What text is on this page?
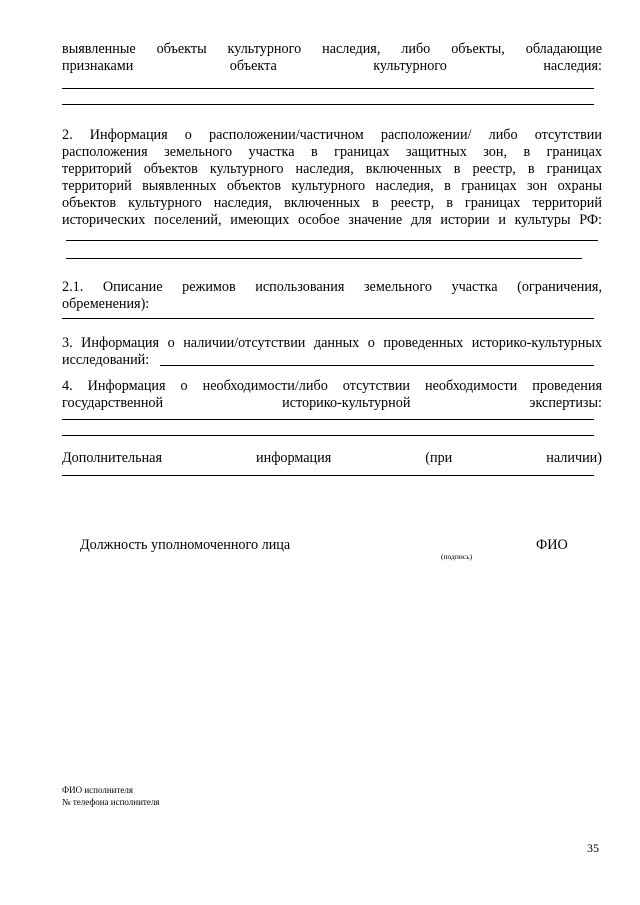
выявленные объекты культурного наследия, либо объекты, обладающие
признаками объекта культурного наследия:
2. Информация о расположении/частичном расположении/ либо отсутствии
расположения земельного участка в границах защитных зон, в границах
территорий объектов культурного наследия, включенных в реестр, в границах
территорий выявленных объектов культурного наследия, в границах зон охраны
объектов культурного наследия, включенных в реестр, в границах территорий
исторических поселений, имеющих особое значение для истории и культуры РФ:
2.1. Описание режимов использования земельного участка (ограничения,
обременения):
3. Информация о наличии/отсутствии данных о проведенных историко-культурных
исследований:
4. Информация о необходимости/либо отсутствии необходимости проведения
государственной историко-культурной экспертизы:
Дополнительная информация (при наличии)
Должность уполномоченного лица
(подпись)
ФИО
ФИО исполнителя
№ телефона исполнителя
35
